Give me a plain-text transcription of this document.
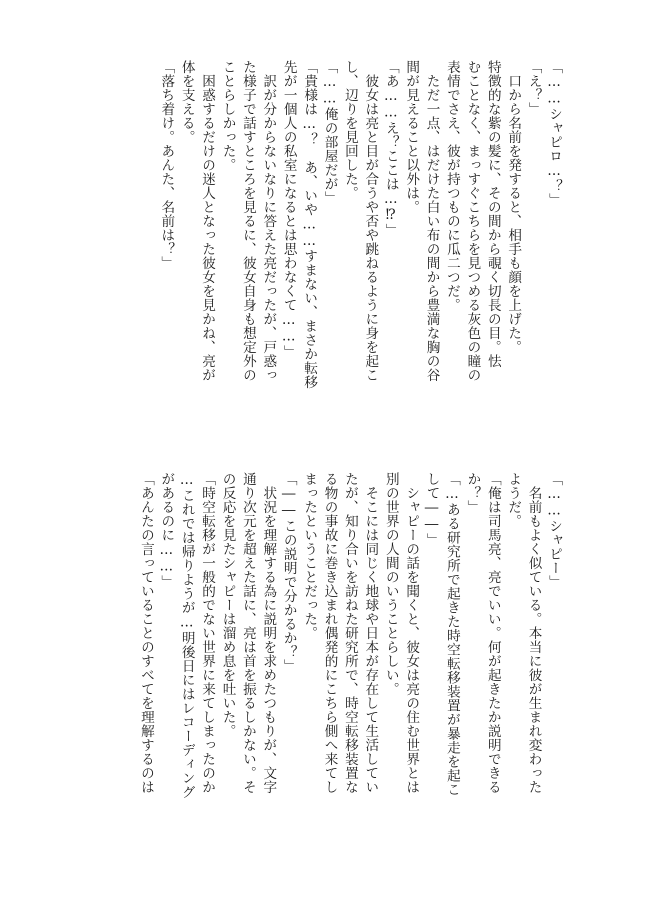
「……シャピロ…？」
「え？」
　口から名前を発すると、相手も顔を上げた。
特徴的な紫の髪に、その間から覗く切長の目。怯
むことなく、まっすぐこちらを見つめる灰色の瞳の
表情でさえ、彼が持つものに瓜二つだ。
　ただ一点、はだけた白い布の間から豊満な胸の谷
間が見えること以外は。
「あ……え？ここは…⁉」
　彼女は亮と目が合うや否や跳ねるように身を起こ
し、辺りを見回した。
「……俺の部屋だが」
「貴様は…？　あ、いや……すまない、まさか転移
先が一個人の私室になるとは思わなくて……」
　訳が分からないなりに答えた亮だったが、戸惑っ
た様子で話すところを見るに、彼女自身も想定外の
ことらしかった。
　困惑するだけの迷人となった彼女を見かね、亮が
体を支える。
「落ち着け。あんた、名前は？」
「……シャピー」
　名前もよく似ている。本当に彼が生まれ変わった
ようだ。
「俺は司馬亮、亮でいい。何が起きたか説明できる
か？」
「…ある研究所で起きた時空転移装置が暴走を起こ
して――」
　シャピーの話を聞くと、彼女は亮の住む世界とは
別の世界の人間のいうことらしい。
　そこには同じく地球や日本が存在して生活してい
たが、知り合いを訪ねた研究所で、時空転移装置な
る物の事故に巻き込まれ偶発的にこちら側へ来てし
まったということだった。
「――この説明で分かるか？」
　状況を理解する為に説明を求めたつもりが、文字
通り次元を超えた話に、亮は首を振るしかない。そ
の反応を見たシャピーは溜め息を吐いた。
「時空転移が一般的でない世界に来てしまったのか
…これでは帰りようが…明後日にはレコーディング
があるのに……」
「あんたの言っていることのすべてを理解するのは
